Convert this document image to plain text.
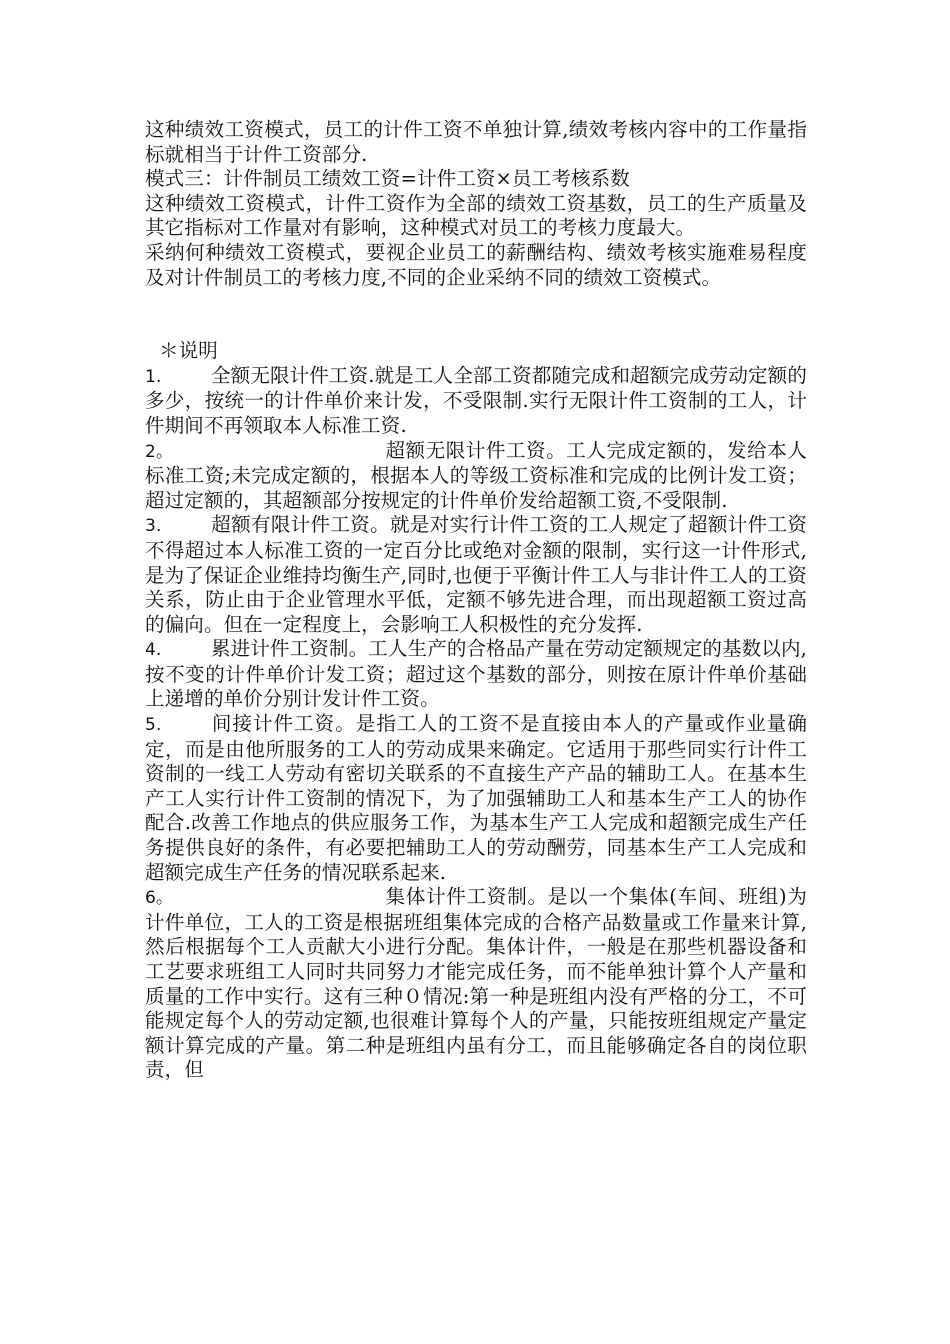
这种绩效工资模式，员工的计件工资不单独计算,绩效考核内容中的工作量指标就相当于计件工资部分.

模式三：计件制员工绩效工资=计件工资×员工考核系数

这种绩效工资模式，计件工资作为全部的绩效工资基数，员工的生产质量及其它指标对工作量对有影响，这种模式对员工的考核力度最大。

采纳何种绩效工资模式，要视企业员工的薪酬结构、绩效考核实施难易程度及对计件制员工的考核力度,不同的企业采纳不同的绩效工资模式。

＊说明

1.	全额无限计件工资.就是工人全部工资都随完成和超额完成劳动定额的多少，按统一的计件单价来计发，不受限制.实行无限计件工资制的工人，计件期间不再领取本人标准工资.

2。	超额无限计件工资。工人完成定额的，发给本人标准工资;未完成定额的，根据本人的等级工资标准和完成的比例计发工资；超过定额的，其超额部分按规定的计件单价发给超额工资,不受限制.

3.	超额有限计件工资。就是对实行计件工资的工人规定了超额计件工资不得超过本人标准工资的一定百分比或绝对金额的限制，实行这一计件形式,是为了保证企业维持均衡生产,同时,也便于平衡计件工人与非计件工人的工资关系，防止由于企业管理水平低，定额不够先进合理，而出现超额工资过高的偏向。但在一定程度上，会影响工人积极性的充分发挥.

4.	累进计件工资制。工人生产的合格品产量在劳动定额规定的基数以内,按不变的计件单价计发工资；超过这个基数的部分，则按在原计件单价基础上递增的单价分别计发计件工资。

5.	间接计件工资。是指工人的工资不是直接由本人的产量或作业量确定，而是由他所服务的工人的劳动成果来确定。它适用于那些同实行计件工资制的一线工人劳动有密切关联系的不直接生产产品的辅助工人。在基本生产工人实行计件工资制的情况下，为了加强辅助工人和基本生产工人的协作配合.改善工作地点的供应服务工作，为基本生产工人完成和超额完成生产任务提供良好的条件，有必要把辅助工人的劳动酬劳，同基本生产工人完成和超额完成生产任务的情况联系起来.

6。	集体计件工资制。是以一个集体(车间、班组)为计件单位，工人的工资是根据班组集体完成的合格产品数量或工作量来计算,然后根据每个工人贡献大小进行分配。集体计件，一般是在那些机器设备和工艺要求班组工人同时共同努力才能完成任务，而不能单独计算个人产量和质量的工作中实行。这有三种０情况:第一种是班组内没有严格的分工，不可能规定每个人的劳动定额,也很难计算每个人的产量，只能按班组规定产量定额计算完成的产量。第二种是班组内虽有分工，而且能够确定各自的岗位职责，但
